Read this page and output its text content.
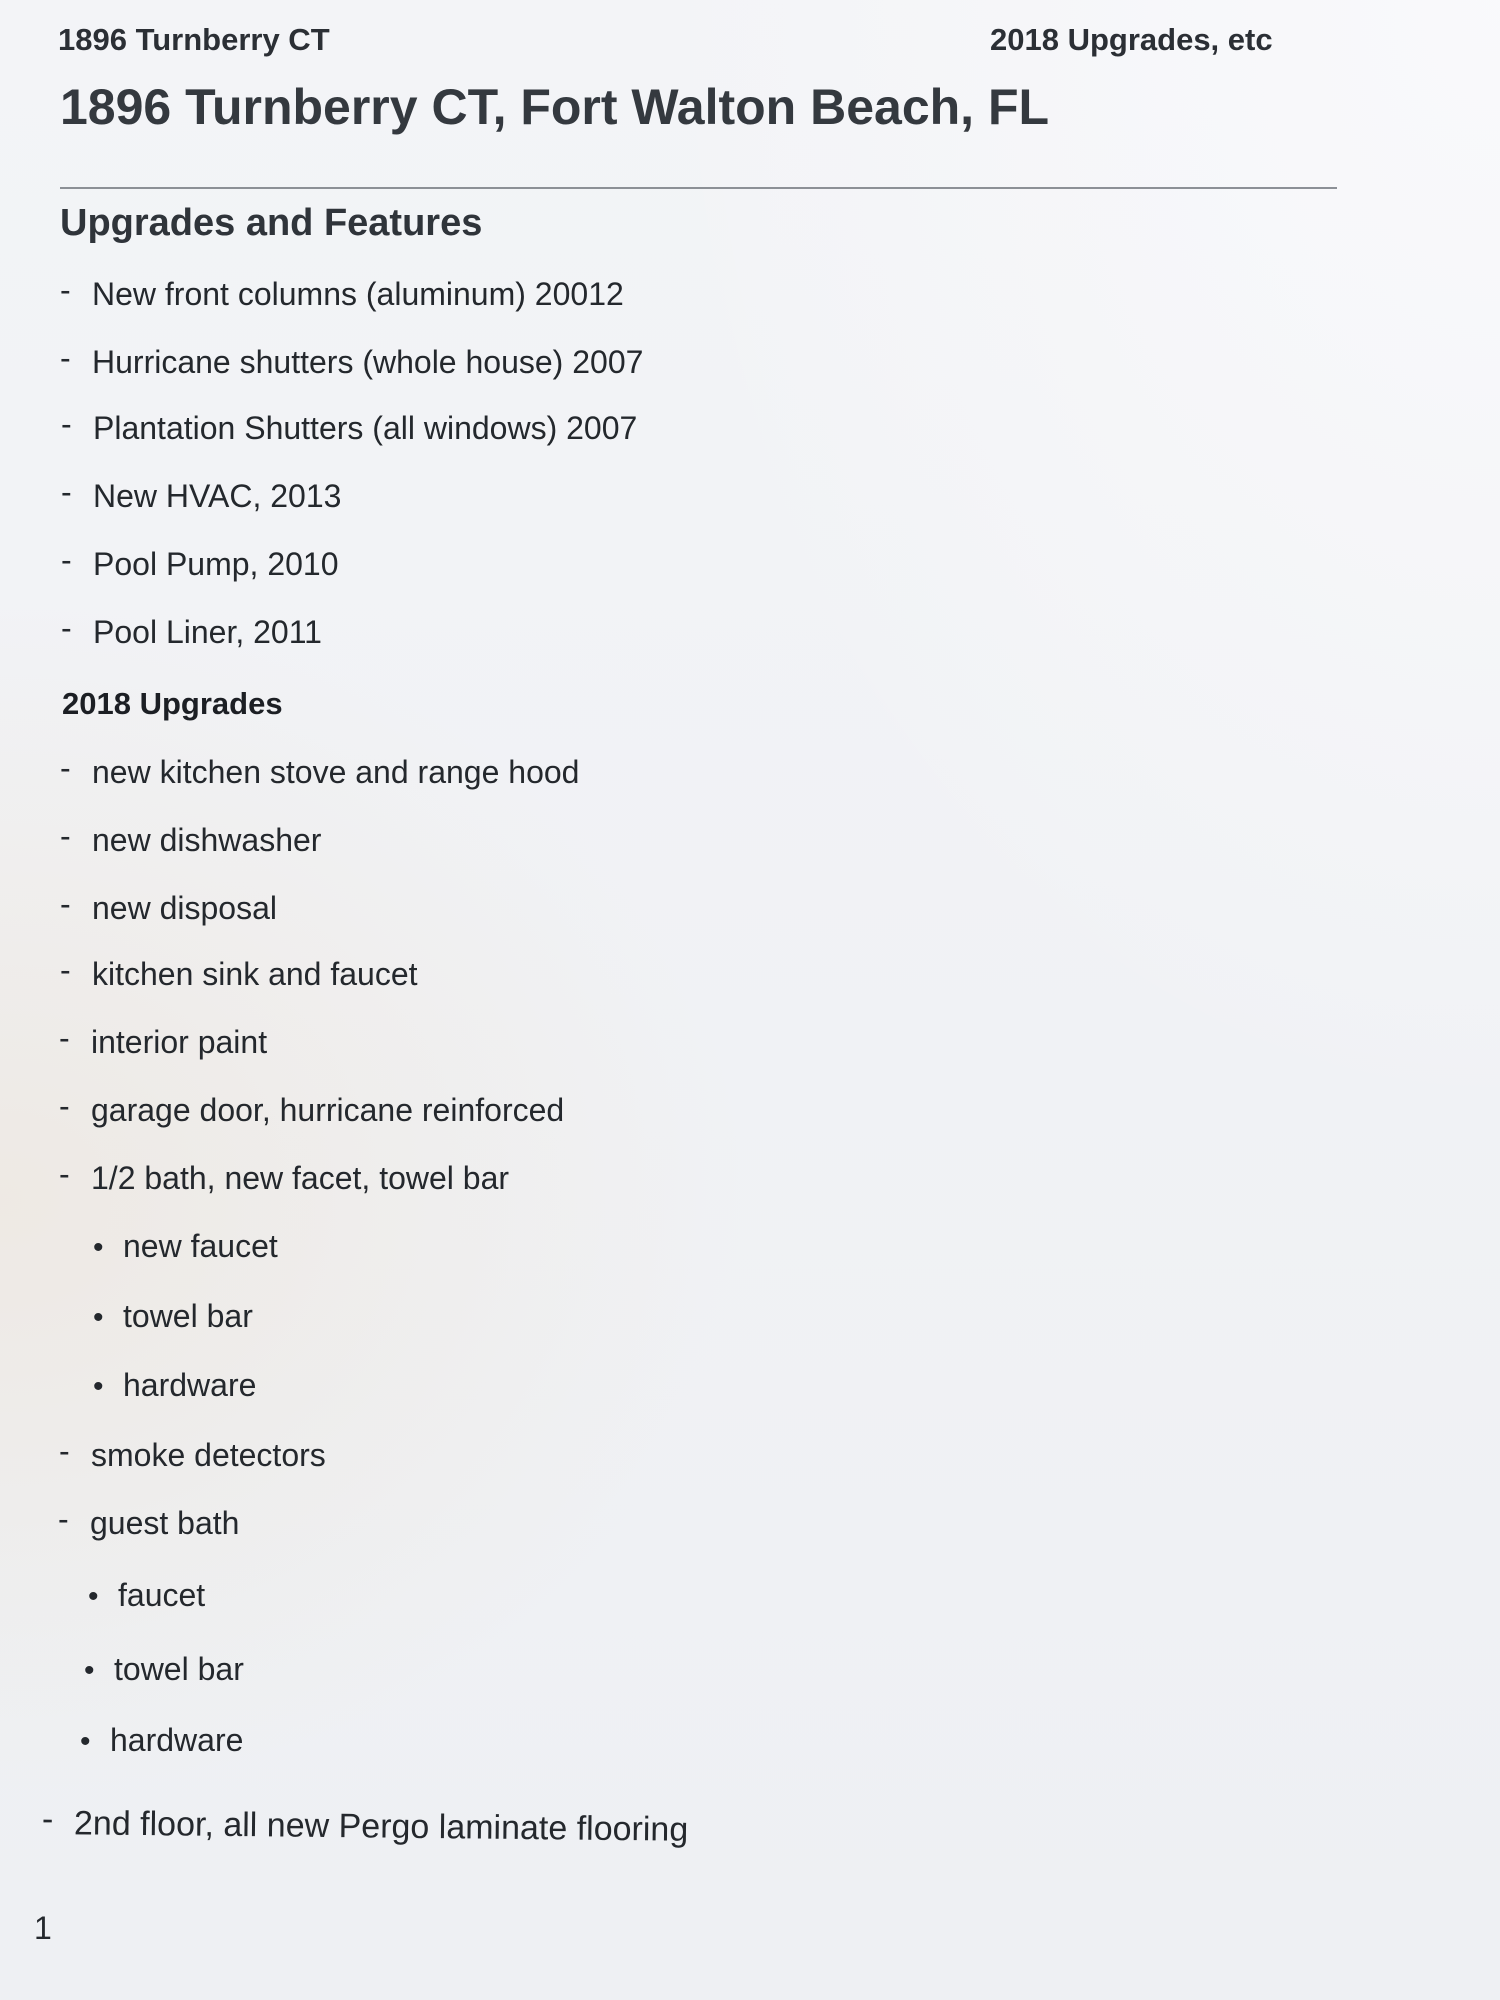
1896 Turnberry CT	2018 Upgrades, etc
1896 Turnberry CT, Fort Walton Beach, FL
Upgrades and Features
- New front columns (aluminum) 20012
- Hurricane shutters (whole house) 2007
- Plantation Shutters (all windows) 2007
- New HVAC, 2013
- Pool Pump, 2010
- Pool Liner, 2011
2018 Upgrades
- new kitchen stove and range hood
- new dishwasher
- new disposal
- kitchen sink and faucet
- interior paint
- garage door, hurricane reinforced
- 1/2 bath, new facet, towel bar
• new faucet
• towel bar
• hardware
- smoke detectors
- guest bath
• faucet
• towel bar
• hardware
- 2nd floor, all new Pergo laminate flooring
1
